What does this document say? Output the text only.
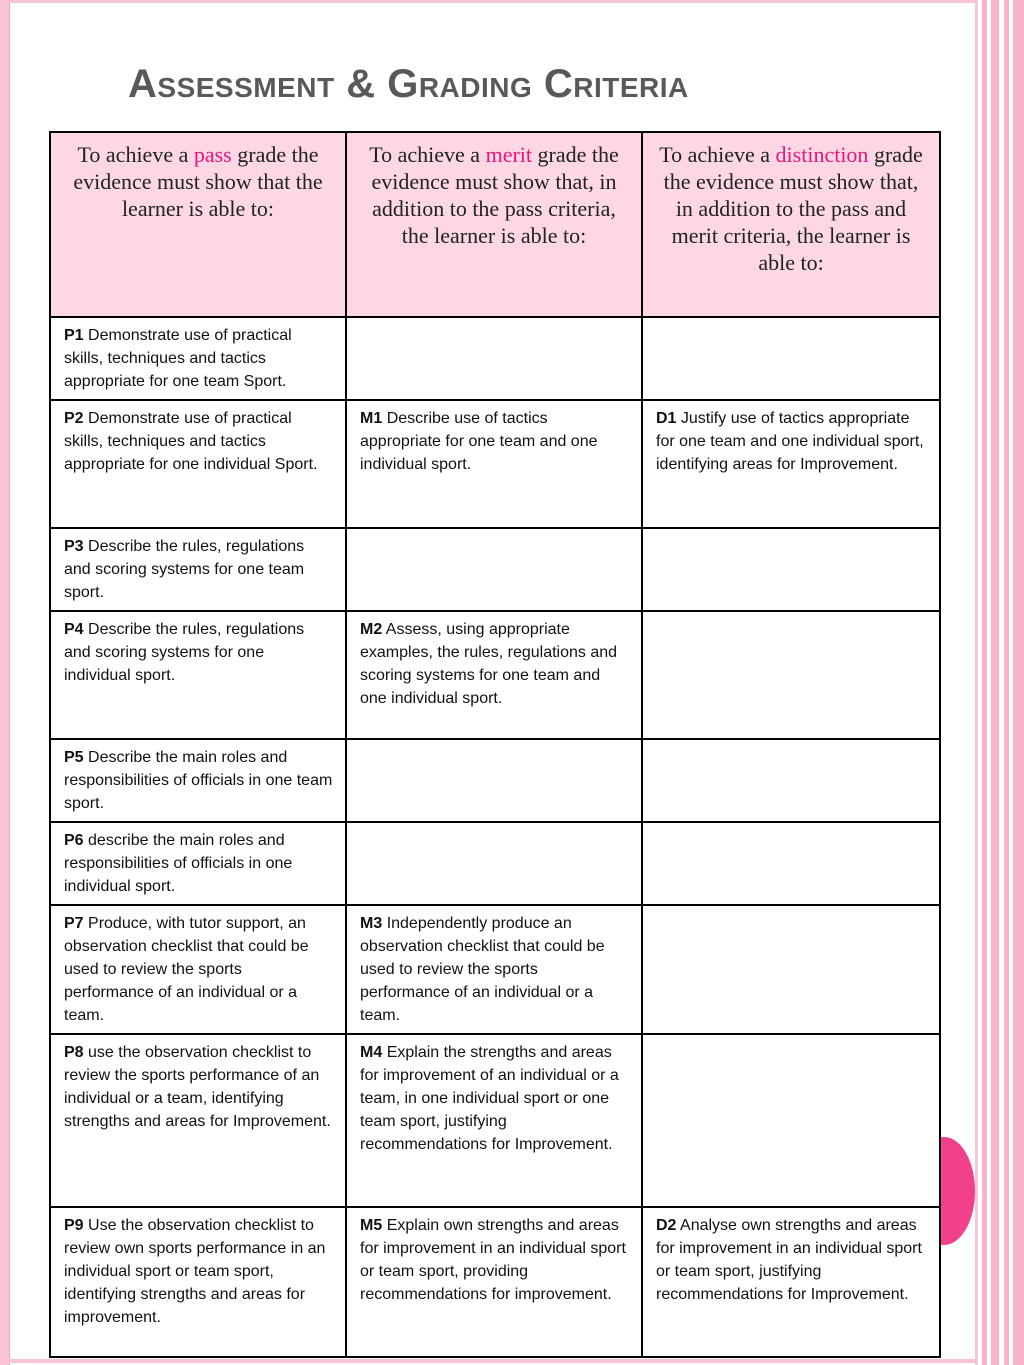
Assessment & Grading Criteria
To achieve a pass grade the evidence must show that the learner is able to:	To achieve a merit grade the evidence must show that, in addition to the pass criteria, the learner is able to:	To achieve a distinction grade the evidence must show that, in addition to the pass and merit criteria, the learner is able to:
P1 Demonstrate use of practical skills, techniques and tactics appropriate for one team Sport.		
P2 Demonstrate use of practical skills, techniques and tactics appropriate for one individual Sport.	M1 Describe use of tactics appropriate for one team and one individual sport.	D1 Justify use of tactics appropriate for one team and one individual sport, identifying areas for Improvement.
P3 Describe the rules, regulations and scoring systems for one team sport.		
P4 Describe the rules, regulations and scoring systems for one individual sport.	M2 Assess, using appropriate examples, the rules, regulations and scoring systems for one team and one individual sport.	
P5 Describe the main roles and responsibilities of officials in one team sport.		
P6 describe the main roles and responsibilities of officials in one individual sport.		
P7 Produce, with tutor support, an observation checklist that could be used to review the sports performance of an individual or a team.	M3 Independently produce an observation checklist that could be used to review the sports performance of an individual or a team.	
P8 use the observation checklist to review the sports performance of an individual or a team, identifying strengths and areas for Improvement.	M4 Explain the strengths and areas for improvement of an individual or a team, in one individual sport or one team sport, justifying recommendations for Improvement.	
P9 Use the observation checklist to review own sports performance in an individual sport or team sport, identifying strengths and areas for improvement.	M5 Explain own strengths and areas for improvement in an individual sport or team sport, providing recommendations for improvement.	D2 Analyse own strengths and areas for improvement in an individual sport or team sport, justifying recommendations for Improvement.
